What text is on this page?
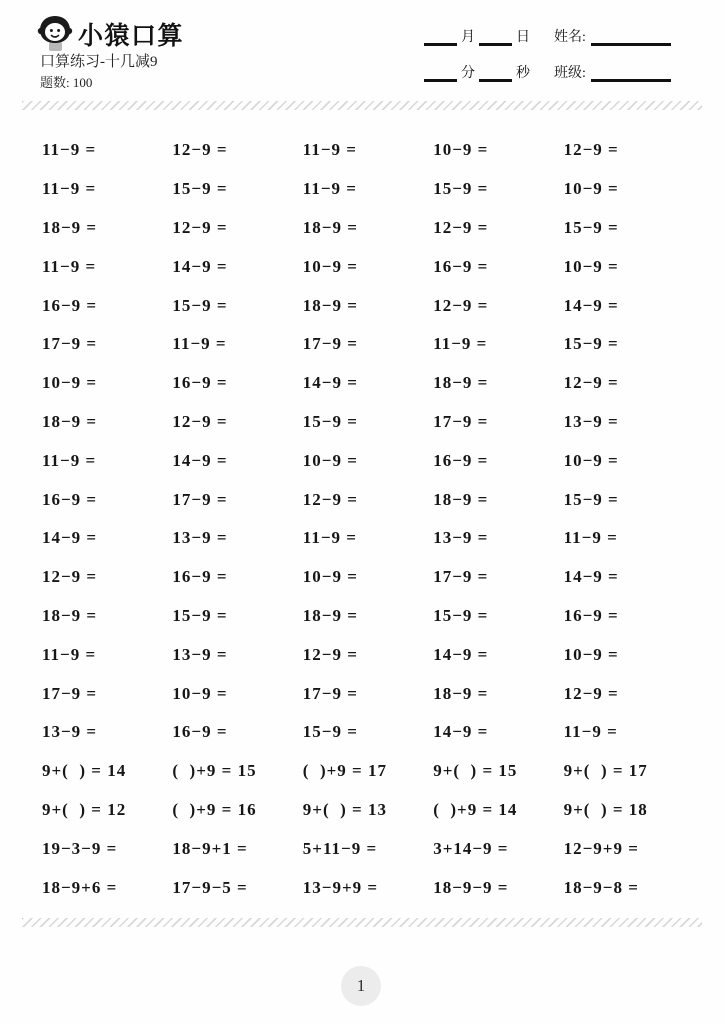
小猿口算
口算练习-十几减9
题数: 100
月	日 姓名:
分	秒 班级:
11−9 =	12−9 =	11−9 =	10−9 =	12−9 =
11−9 =	15−9 =	11−9 =	15−9 =	10−9 =
18−9 =	12−9 =	18−9 =	12−9 =	15−9 =
11−9 =	14−9 =	10−9 =	16−9 =	10−9 =
16−9 =	15−9 =	18−9 =	12−9 =	14−9 =
17−9 =	11−9 =	17−9 =	11−9 =	15−9 =
10−9 =	16−9 =	14−9 =	18−9 =	12−9 =
18−9 =	12−9 =	15−9 =	17−9 =	13−9 =
11−9 =	14−9 =	10−9 =	16−9 =	10−9 =
16−9 =	17−9 =	12−9 =	18−9 =	15−9 =
14−9 =	13−9 =	11−9 =	13−9 =	11−9 =
12−9 =	16−9 =	10−9 =	17−9 =	14−9 =
18−9 =	15−9 =	18−9 =	15−9 =	16−9 =
11−9 =	13−9 =	12−9 =	14−9 =	10−9 =
17−9 =	10−9 =	17−9 =	18−9 =	12−9 =
13−9 =	16−9 =	15−9 =	14−9 =	11−9 =
9+(  ) = 14	(  )+9 = 15	(  )+9 = 17	9+(  ) = 15	9+(  ) = 17
9+(  ) = 12	(  )+9 = 16	9+(  ) = 13	(  )+9 = 14	9+(  ) = 18
19−3−9 =	18−9+1 =	5+11−9 =	3+14−9 =	12−9+9 =
18−9+6 =	17−9−5 =	13−9+9 =	18−9−9 =	18−9−8 =
1
